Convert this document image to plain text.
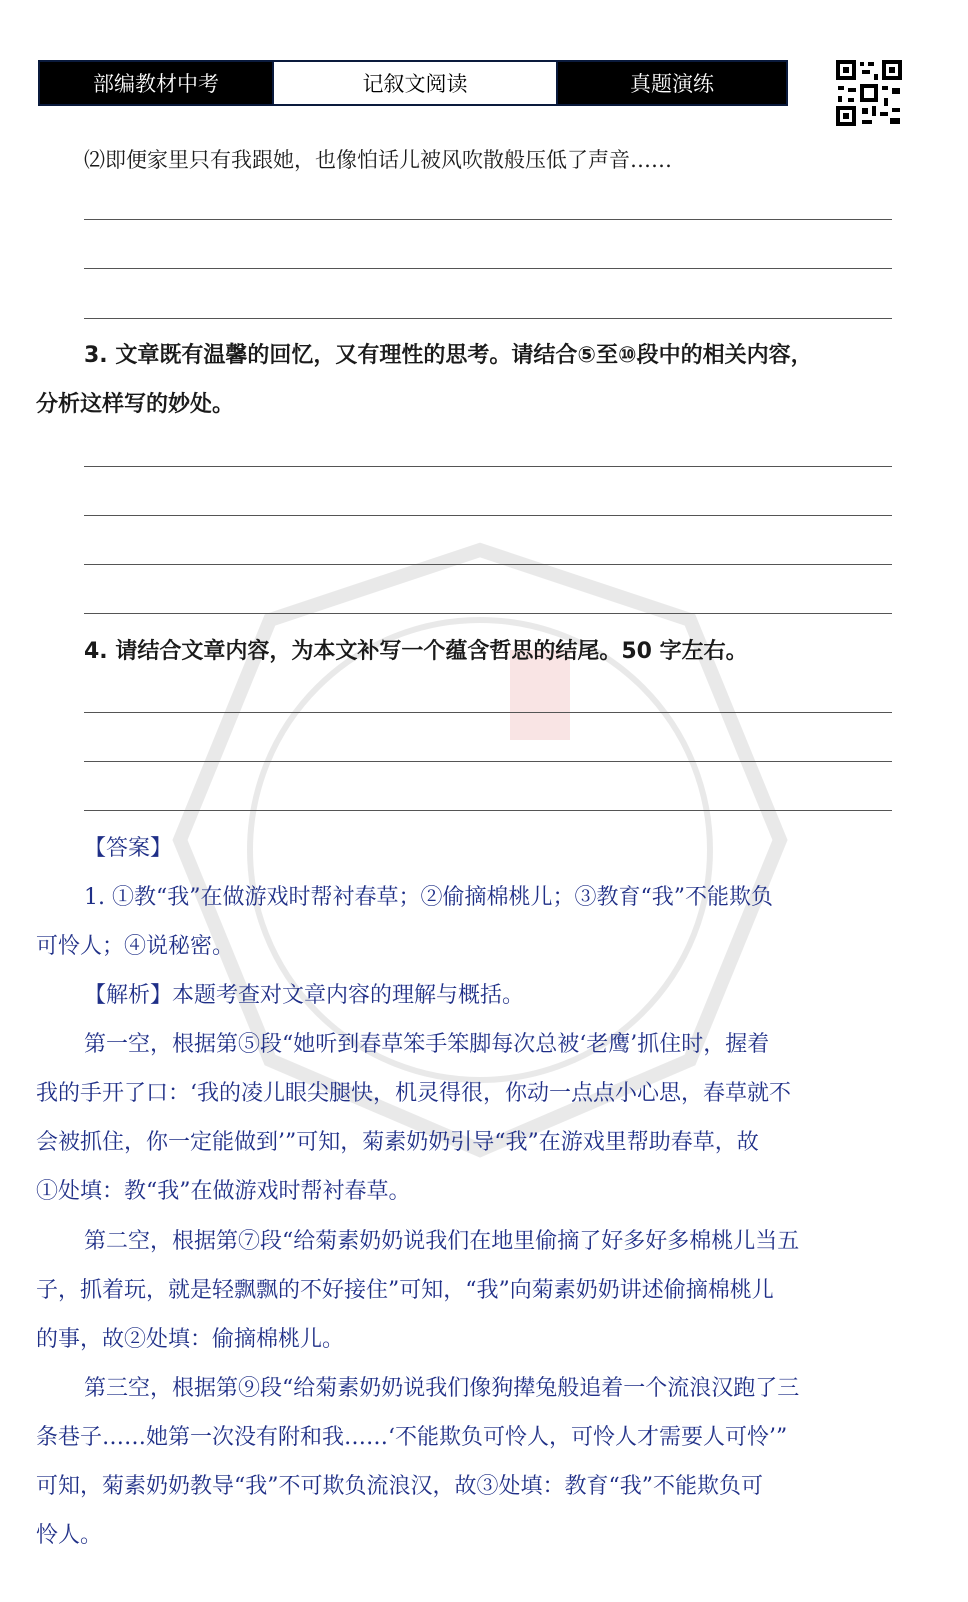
部编教材中考	记叙文阅读	真题演练
⑵即便家里只有我跟她，也像怕话儿被风吹散般压低了声音……
3. 文章既有温馨的回忆，又有理性的思考。请结合⑤至⑩段中的相关内容，
分析这样写的妙处。
4. 请结合文章内容，为本文补写一个蕴含哲思的结尾。50 字左右。
【答案】
1. ①教“我”在做游戏时帮衬春草；②偷摘棉桃儿；③教育“我”不能欺负
可怜人；④说秘密。
【解析】本题考查对文章内容的理解与概括。
第一空，根据第⑤段“她听到春草笨手笨脚每次总被‘老鹰’抓住时，握着
我的手开了口：‘我的凌儿眼尖腿快，机灵得很，你动一点点小心思，春草就不
会被抓住，你一定能做到’”可知，菊素奶奶引导“我”在游戏里帮助春草，故
①处填：教“我”在做游戏时帮衬春草。
第二空，根据第⑦段“给菊素奶奶说我们在地里偷摘了好多好多棉桃儿当五
子，抓着玩，就是轻飘飘的不好接住”可知，“我”向菊素奶奶讲述偷摘棉桃儿
的事，故②处填：偷摘棉桃儿。
第三空，根据第⑨段“给菊素奶奶说我们像狗撵兔般追着一个流浪汉跑了三
条巷子……她第一次没有附和我……‘不能欺负可怜人，可怜人才需要人可怜’”
可知，菊素奶奶教导“我”不可欺负流浪汉，故③处填：教育“我”不能欺负可
怜人。
